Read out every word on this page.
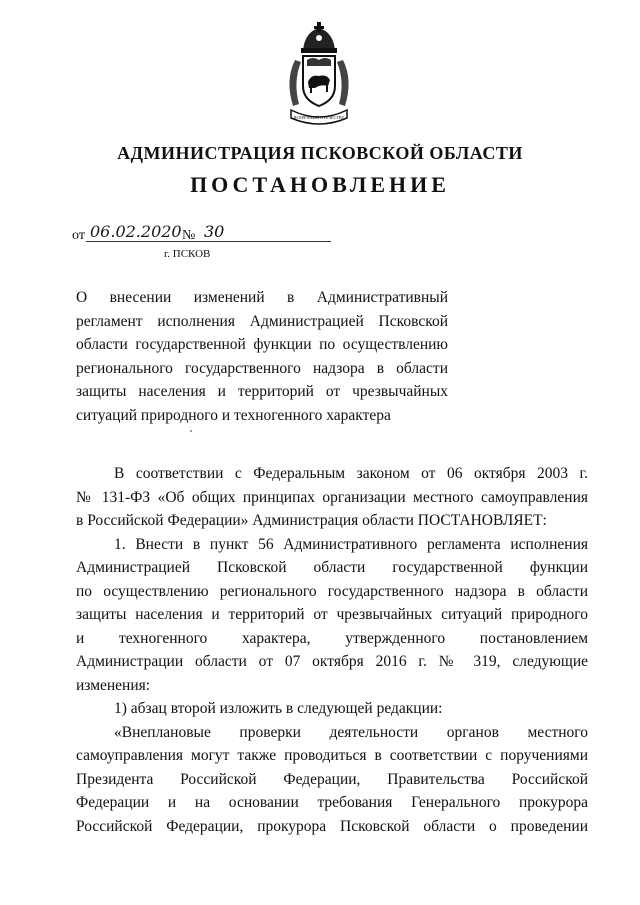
ВСЕРЕЧНЫЙ ОТЕЧЕСТВУ
АДМИНИСТРАЦИЯ ПСКОВСКОЙ ОБЛАСТИ
ПОСТАНОВЛЕНИЕ
от 06.02.2020 № 30
г. ПСКОВ
О внесении изменений в Административный
регламент исполнения Администрацией Псковской
области государственной функции по осуществлению
регионального государственного надзора в области
защиты населения и территорий от чрезвычайных
ситуаций природного и техногенного характера
В соответствии с Федеральным законом от 06 октября 2003 г.
№ 131-ФЗ «Об общих принципах организации местного самоуправления
в Российской Федерации» Администрация области ПОСТАНОВЛЯЕТ:
1. Внести в пункт 56 Административного регламента исполнения
Администрацией Псковской области государственной функции
по осуществлению регионального государственного надзора в области
защиты населения и территорий от чрезвычайных ситуаций природного
и техногенного характера, утвержденного постановлением
Администрации области от 07 октября 2016 г. № 319, следующие
изменения:
1) абзац второй изложить в следующей редакции:
«Внеплановые проверки деятельности органов местного
самоуправления могут также проводиться в соответствии с поручениями
Президента Российской Федерации, Правительства Российской
Федерации и на основании требования Генерального прокурора
Российской Федерации, прокурора Псковской области о проведении
